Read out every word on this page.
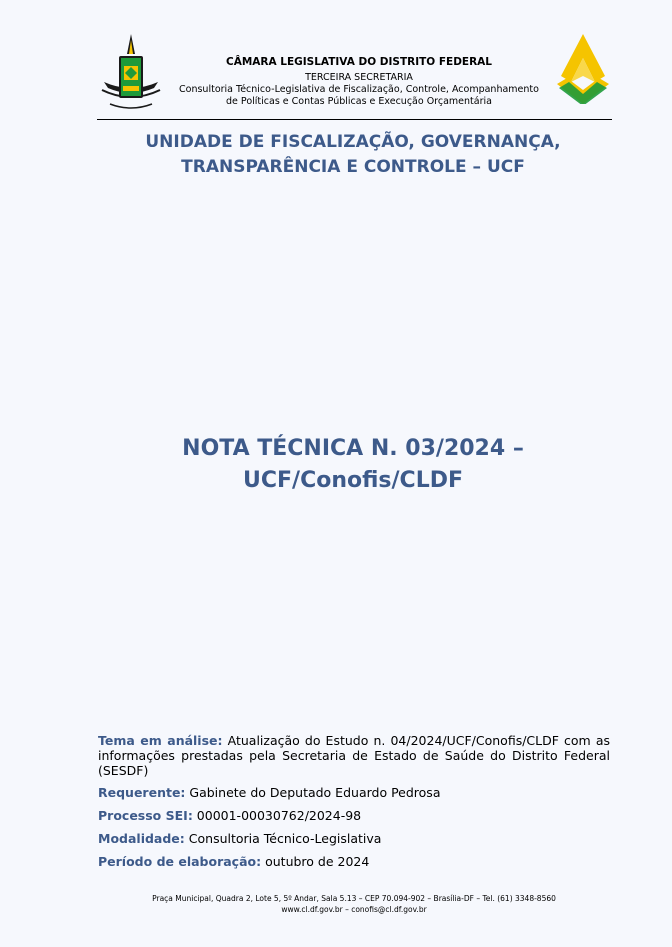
CÂMARA LEGISLATIVA DO DISTRITO FEDERAL
TERCEIRA SECRETARIA
Consultoria Técnico-Legislativa de Fiscalização, Controle, Acompanhamento
de Políticas e Contas Públicas e Execução Orçamentária
UNIDADE DE FISCALIZAÇÃO, GOVERNANÇA,
TRANSPARÊNCIA E CONTROLE – UCF
NOTA TÉCNICA N. 03/2024 –
UCF/Conofis/CLDF
Tema em análise: Atualização do Estudo n. 04/2024/UCF/Conofis/CLDF com as informações prestadas pela Secretaria de Estado de Saúde do Distrito Federal (SESDF)
Requerente: Gabinete do Deputado Eduardo Pedrosa
Processo SEI: 00001-00030762/2024-98
Modalidade: Consultoria Técnico-Legislativa
Período de elaboração: outubro de 2024
Praça Municipal, Quadra 2, Lote 5, 5º Andar, Sala 5.13 – CEP 70.094-902 – Brasília-DF – Tel. (61) 3348-8560
www.cl.df.gov.br – conofis@cl.df.gov.br
